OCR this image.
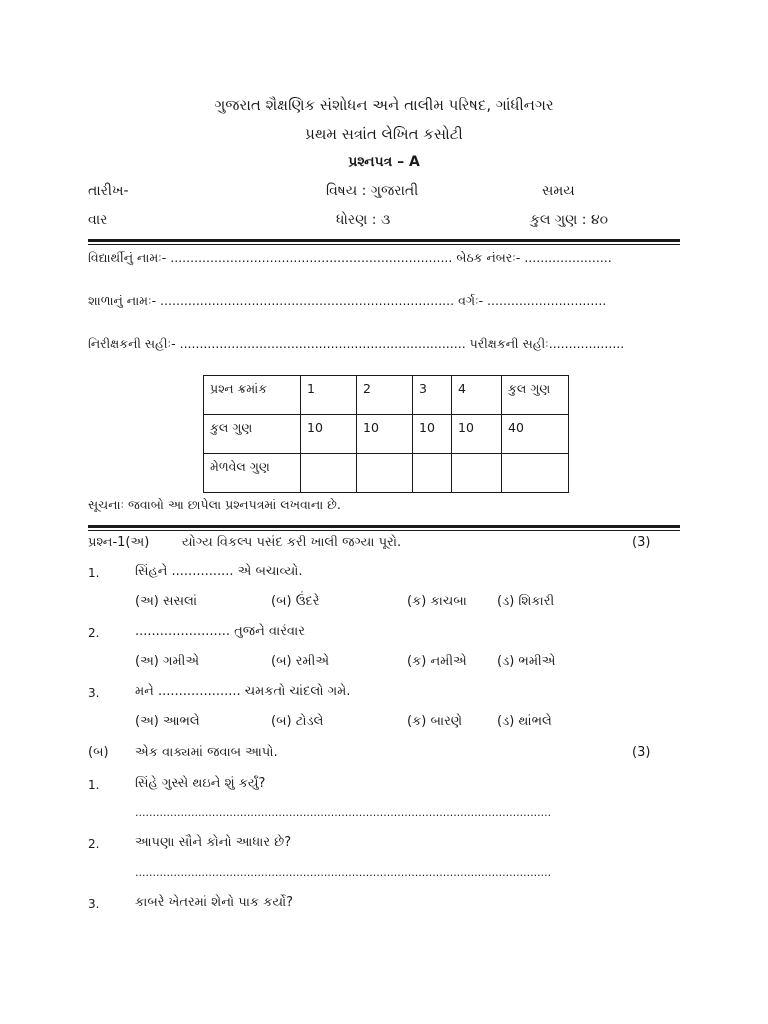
ગુજરાત શૈક્ષણિક સંશોધન અને તાલીમ પરિષદ, ગાંધીનગર
પ્રથમ સત્રાંત લેખિત કસોટી
પ્રશ્નપત્ર – A
તારીખ-	વિષય : ગુજરાતી	સમય
વાર	ધોરણ : ૩	કુલ ગુણ : ૪૦
વિદ્યાર્થીનું નામઃ- ....................................................................... બેઠક નંબરઃ- ......................
શાળાનું નામઃ- .......................................................................... વર્ગઃ- ..............................
નિરીક્ષકની સહીઃ- ........................................................................ પરીક્ષકની સહીઃ...................
પ્રશ્ન ક્રમાંક	1	2	3	4	કુલ ગુણ
કુલ ગુણ	10	10	10	10	40
મેળવેલ ગુણ					
સૂચનાઃ જવાબો આ છાપેલા પ્રશ્નપત્રમાં લખવાના છે.
પ્રશ્ન-1(અ)	યોગ્ય વિકલ્પ પસંદ કરી ખાલી જગ્યા પૂરો.	(3)
1.	સિંહને ............... એ બચાવ્યો.
(અ) સસલાં	(બ) ઉંદરે	(ક) કાચબા (ડ) શિકારી
2.	....................... તુજને વારંવાર
(અ) ગમીએ	(બ) રમીએ	(ક) નમીએ (ડ) ભમીએ
3.	મને .................... ચમકતો ચાંદલો ગમે.
(અ) આભલે	(બ) ટોડલે	(ક) બારણે	(ડ) થાંભલે
(બ) એક વાક્યમાં જવાબ આપો.	(3)
1.	સિંહે ગુસ્સે થઇને શું કર્યું?
.......................................................................................................................
2.	આપણા સૌને કોનો આધાર છે?
.......................................................................................................................
3.	કાબરે ખેતરમાં શેનો પાક કર્યો?
